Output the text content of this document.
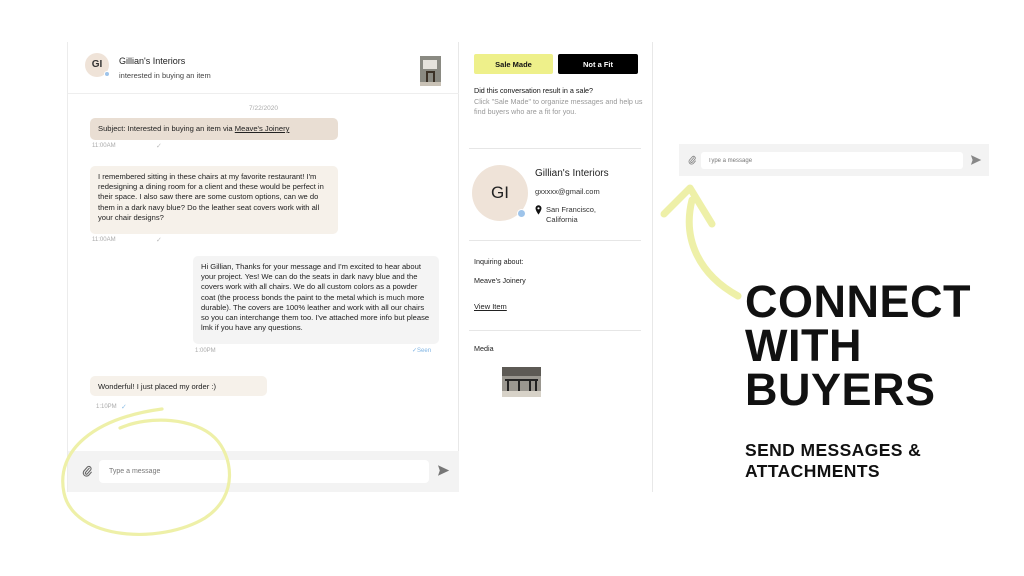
GI	Gillian's Interiors
interested in buying an item
7/22/2020
Subject: Interested in buying an item via Meave's Joinery
11:00AM	✓
I remembered sitting in these chairs at my favorite restaurant! I'm redesigning a dining room for a client and these would be perfect in their space. I also saw there are some custom options, can we do them in a dark navy blue? Do the leather seat covers work with all your chair designs?
11:00AM	✓
Hi Gillian, Thanks for your message and I'm excited to hear about your project. Yes! We can do the seats in dark navy blue and the covers work with all chairs. We do all custom colors as a powder coat (the process bonds the paint to the metal which is much more durable). The covers are 100% leather and work with all our chairs so you can interchange them too. I've attached more info but please lmk if you have any questions.
1:00PM	✓Seen
Wonderful! I just placed my order :)
1:10PM ✓
Type a message
Sale Made	Not a Fit
Did this conversation result in a sale?
Click "Sale Made" to organize messages and help us find buyers who are a fit for you.
GI
Gillian's Interiors
gxxxxx@gmail.com
San Francisco, California
Inquiring about:
Meave's Joinery
View Item
Media
Type a message
CONNECT WITH BUYERS
SEND MESSAGES & ATTACHMENTS
